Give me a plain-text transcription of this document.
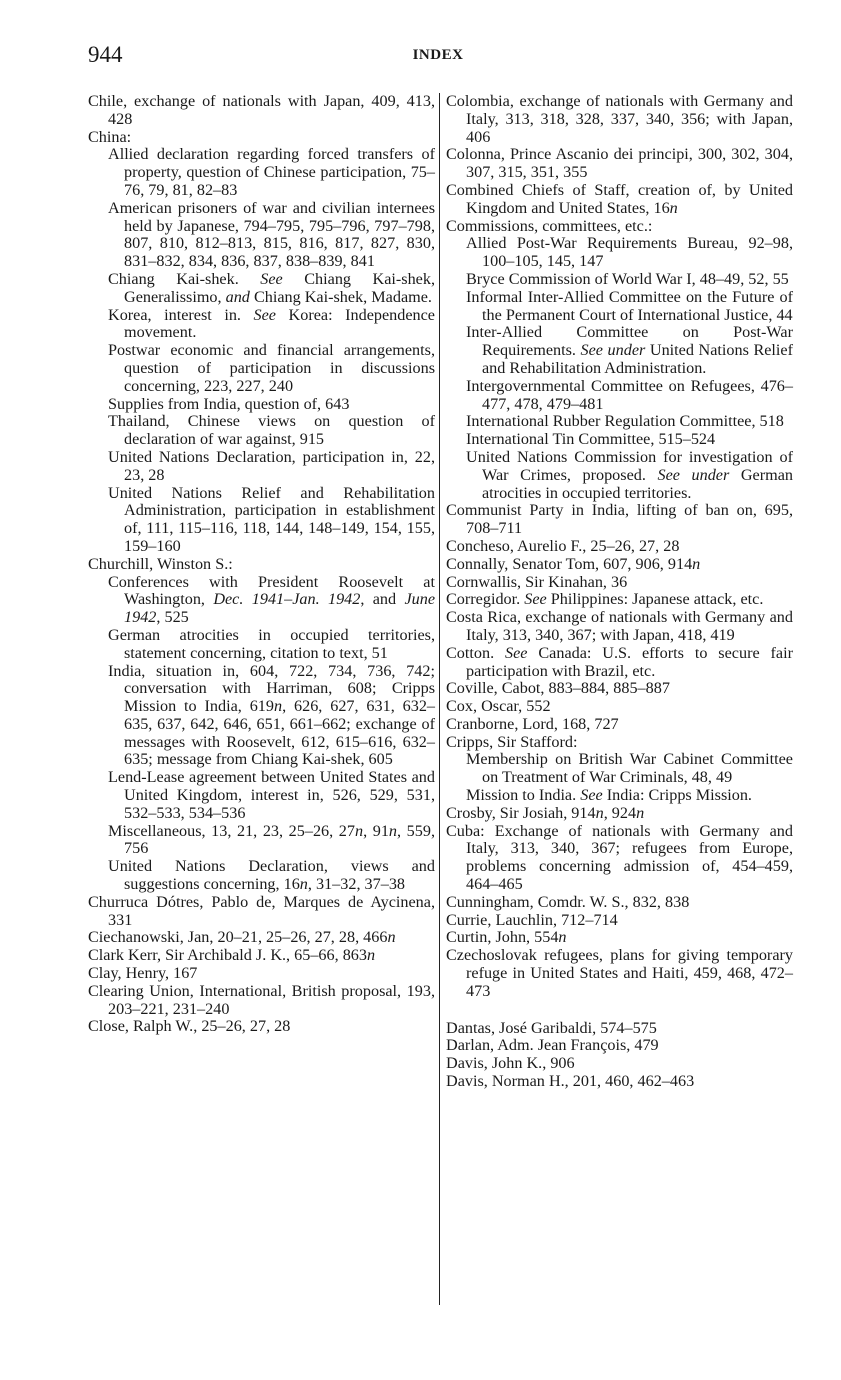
944	INDEX
Chile, exchange of nationals with Japan, 409, 413, 428
China:
Allied declaration regarding forced transfers of property, question of Chinese participation, 75–76, 79, 81, 82–83
American prisoners of war and civilian internees held by Japanese, 794–795, 795–796, 797–798, 807, 810, 812–813, 815, 816, 817, 827, 830, 831–832, 834, 836, 837, 838–839, 841
Chiang Kai-shek. See Chiang Kai-shek, Generalissimo, and Chiang Kai-shek, Madame.
Korea, interest in. See Korea: Independence movement.
Postwar economic and financial arrangements, question of participation in discussions concerning, 223, 227, 240
Supplies from India, question of, 643
Thailand, Chinese views on question of declaration of war against, 915
United Nations Declaration, participation in, 22, 23, 28
United Nations Relief and Rehabilitation Administration, participation in establishment of, 111, 115–116, 118, 144, 148–149, 154, 155, 159–160
Churchill, Winston S.:
Conferences with President Roosevelt at Washington, Dec. 1941–Jan. 1942, and June 1942, 525
German atrocities in occupied territories, statement concerning, citation to text, 51
India, situation in, 604, 722, 734, 736, 742; conversation with Harriman, 608; Cripps Mission to India, 619n, 626, 627, 631, 632–635, 637, 642, 646, 651, 661–662; exchange of messages with Roosevelt, 612, 615–616, 632–635; message from Chiang Kai-shek, 605
Lend-Lease agreement between United States and United Kingdom, interest in, 526, 529, 531, 532–533, 534–536
Miscellaneous, 13, 21, 23, 25–26, 27n, 91n, 559, 756
United Nations Declaration, views and suggestions concerning, 16n, 31–32, 37–38
Churruca Dótres, Pablo de, Marques de Aycinena, 331
Ciechanowski, Jan, 20–21, 25–26, 27, 28, 466n
Clark Kerr, Sir Archibald J. K., 65–66, 863n
Clay, Henry, 167
Clearing Union, International, British proposal, 193, 203–221, 231–240
Close, Ralph W., 25–26, 27, 28
Colombia, exchange of nationals with Germany and Italy, 313, 318, 328, 337, 340, 356; with Japan, 406
Colonna, Prince Ascanio dei principi, 300, 302, 304, 307, 315, 351, 355
Combined Chiefs of Staff, creation of, by United Kingdom and United States, 16n
Commissions, committees, etc.:
Allied Post-War Requirements Bureau, 92–98, 100–105, 145, 147
Bryce Commission of World War I, 48–49, 52, 55
Informal Inter-Allied Committee on the Future of the Permanent Court of International Justice, 44
Inter-Allied Committee on Post-War Requirements. See under United Nations Relief and Rehabilitation Administration.
Intergovernmental Committee on Refugees, 476–477, 478, 479–481
International Rubber Regulation Committee, 518
International Tin Committee, 515–524
United Nations Commission for investigation of War Crimes, proposed. See under German atrocities in occupied territories.
Communist Party in India, lifting of ban on, 695, 708–711
Concheso, Aurelio F., 25–26, 27, 28
Connally, Senator Tom, 607, 906, 914n
Cornwallis, Sir Kinahan, 36
Corregidor. See Philippines: Japanese attack, etc.
Costa Rica, exchange of nationals with Germany and Italy, 313, 340, 367; with Japan, 418, 419
Cotton. See Canada: U.S. efforts to secure fair participation with Brazil, etc.
Coville, Cabot, 883–884, 885–887
Cox, Oscar, 552
Cranborne, Lord, 168, 727
Cripps, Sir Stafford:
Membership on British War Cabinet Committee on Treatment of War Criminals, 48, 49
Mission to India. See India: Cripps Mission.
Crosby, Sir Josiah, 914n, 924n
Cuba: Exchange of nationals with Germany and Italy, 313, 340, 367; refugees from Europe, problems concerning admission of, 454–459, 464–465
Cunningham, Comdr. W. S., 832, 838
Currie, Lauchlin, 712–714
Curtin, John, 554n
Czechoslovak refugees, plans for giving temporary refuge in United States and Haiti, 459, 468, 472–473
Dantas, José Garibaldi, 574–575
Darlan, Adm. Jean François, 479
Davis, John K., 906
Davis, Norman H., 201, 460, 462–463
